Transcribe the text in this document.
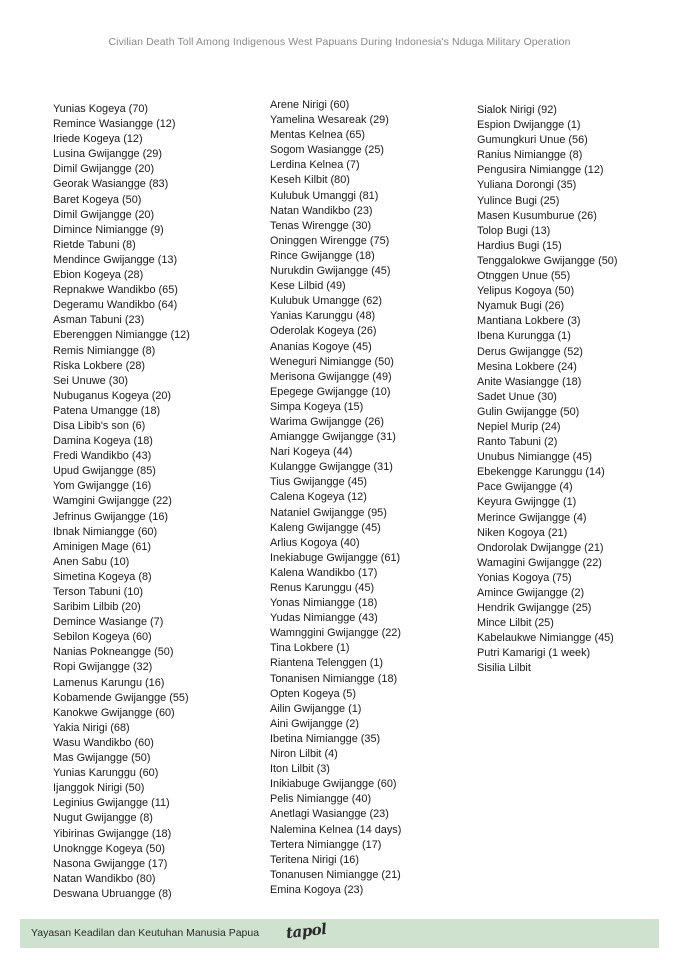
Civilian Death Toll Among Indigenous West Papuans During Indonesia's Nduga Military Operation
Yunias Kogeya (70)
Remince Wasiangge (12)
Iriede Kogeya (12)
Lusina Gwijangge (29)
Dimil Gwijangge (20)
Georak Wasiangge (83)
Baret Kogeya (50)
Dimil Gwijangge (20)
Dimince Nimiangge (9)
Rietde Tabuni (8)
Mendince Gwijangge (13)
Ebion Kogeya (28)
Repnakwe Wandikbo (65)
Degeramu Wandikbo (64)
Asman Tabuni (23)
Eberenggen Nimiangge (12)
Remis Nimiangge (8)
Riska Lokbere (28)
Sei Unuwe (30)
Nubuganus Kogeya (20)
Patena Umangge (18)
Disa Libib's son (6)
Damina Kogeya (18)
Fredi Wandikbo (43)
Upud Gwijangge (85)
Yom Gwijangge (16)
Wamgini Gwijangge (22)
Jefrinus Gwijangge (16)
Ibnak Nimiangge (60)
Aminigen Mage (61)
Anen Sabu (10)
Simetina Kogeya (8)
Terson Tabuni (10)
Saribim Lilbib (20)
Demince Wasiange (7)
Sebilon Kogeya (60)
Nanias Pokneangge (50)
Ropi Gwijangge (32)
Lamenus Karungu (16)
Kobamende Gwijangge (55)
Kanokwe Gwijangge (60)
Yakia Nirigi (68)
Wasu Wandikbo (60)
Mas Gwijangge (50)
Yunias Karunggu (60)
Ijanggok Nirigi (50)
Leginius Gwijangge (11)
Nugut Gwijangge (8)
Yibirinas Gwijangge (18)
Unokngge Kogeya (50)
Nasona Gwijangge (17)
Natan Wandikbo (80)
Deswana Ubruangge (8)
Arene Nirigi (60)
Yamelina Wesareak (29)
Mentas Kelnea (65)
Sogom Wasiangge (25)
Lerdina Kelnea (7)
Keseh Kilbit (80)
Kulubuk Umanggi (81)
Natan Wandikbo (23)
Tenas Wirengge (30)
Oninggen Wirengge (75)
Rince Gwijangge (18)
Nurukdin Gwijangge (45)
Kese Lilbid (49)
Kulubuk Umangge (62)
Yanias Karunggu (48)
Oderolak Kogeya (26)
Ananias Kogoye (45)
Weneguri Nimiangge (50)
Merisona Gwijangge (49)
Epegege Gwijangge (10)
Simpa Kogeya (15)
Warima Gwijangge (26)
Amiangge Gwijangge (31)
Nari Kogeya (44)
Kulangge Gwijangge (31)
Tius Gwijangge (45)
Calena Kogeya (12)
Nataniel Gwijangge (95)
Kaleng Gwijangge (45)
Arlius Kogoya (40)
Inekiabuge Gwijangge (61)
Kalena Wandikbo (17)
Renus Karunggu (45)
Yonas Nimiangge (18)
Yudas Nimiangge (43)
Wamnggini Gwijangge (22)
Tina Lokbere (1)
Riantena Telenggen (1)
Tonanisen Nimiangge (18)
Opten Kogeya (5)
Ailin Gwijangge (1)
Aini Gwijangge (2)
Ibetina Nimiangge (35)
Niron Lilbit (4)
Iton Lilbit (3)
Inikiabuge Gwijangge (60)
Pelis Nimiangge (40)
Anetlagi Wasiangge (23)
Nalemina Kelnea (14 days)
Tertera Nimiangge (17)
Teritena Nirigi (16)
Tonanusen Nimiangge (21)
Emina Kogoya (23)
Sialok Nirigi (92)
Espion Dwijangge (1)
Gumungkuri Unue (56)
Ranius Nimiangge (8)
Pengusira Nimiangge (12)
Yuliana Dorongi (35)
Yulince Bugi (25)
Masen Kusumburue (26)
Tolop Bugi (13)
Hardius Bugi (15)
Tenggalokwe Gwijangge (50)
Otnggen Unue (55)
Yelipus Kogoya (50)
Nyamuk Bugi (26)
Mantiana Lokbere (3)
Ibena Kurungga (1)
Derus Gwijangge (52)
Mesina Lokbere (24)
Anite Wasiangge (18)
Sadet Unue (30)
Gulin Gwijangge (50)
Nepiel Murip (24)
Ranto Tabuni (2)
Unubus Nimiangge (45)
Ebekengge Karunggu (14)
Pace Gwijangge (4)
Keyura Gwijngge (1)
Merince Gwijangge (4)
Niken Kogoya (21)
Ondorolak Dwijangge (21)
Wamagini Gwijangge (22)
Yonias Kogoya (75)
Amince Gwijangge (2)
Hendrik Gwijangge (25)
Mince Lilbit (25)
Kabelaukwe Nimiangge (45)
Putri Kamarigi (1 week)
Sisilia Lilbit
Yayasan Keadilan dan Keutuhan Manusia Papua tapol
